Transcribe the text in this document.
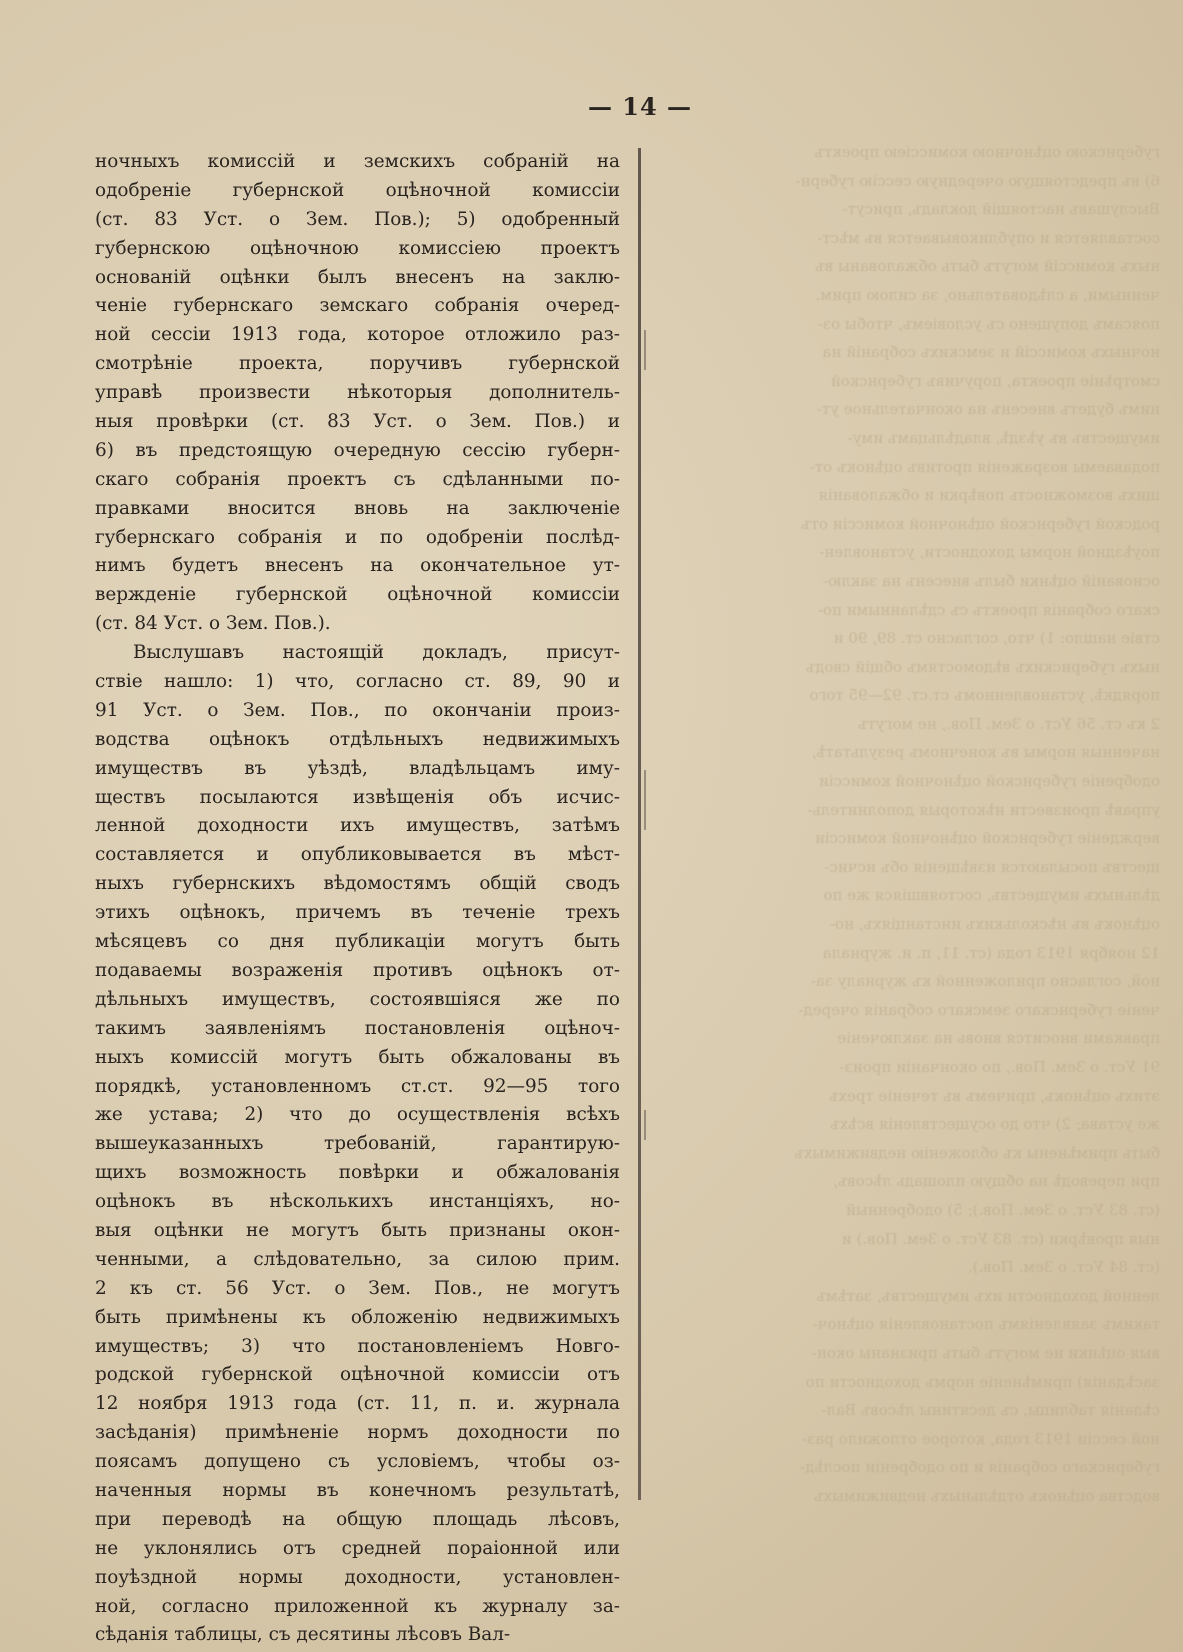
губернскою оцѣночною комиссіею проектъ
6) въ предстоящую очередную сессію губерн-
Выслушавъ настоящій докладъ, присут-
составляется и опубликовывается въ мѣст-
ныхъ комиссій могутъ быть обжалованы въ
ченными, а слѣдовательно, за силою прим.
поясамъ допущено съ условіемъ, чтобы оз-
ночныхъ комиссій и земскихъ собраній на
смотрѣніе проекта, поручивъ губернской
нимъ будетъ внесенъ на окончательное ут-
имуществъ въ уѣздѣ, владѣльцамъ иму-
подаваемы возраженія противъ оцѣнокъ от-
щихъ возможность повѣрки и обжалованія
родской губернской оцѣночной комиссіи отъ
поуѣздной нормы доходности, установлен-
основаній оцѣнки былъ внесенъ на заклю-
скаго собранія проектъ съ сдѣланными по-
ствіе нашло: 1) что, согласно ст. 89, 90 и
ныхъ губернскихъ вѣдомостямъ общій сводъ
порядкѣ, установленномъ ст.ст. 92—95 того
2 къ ст. 56 Уст. о Зем. Пов., не могутъ
наченныя нормы въ конечномъ результатѣ,
одобреніе губернской оцѣночной комиссіи
управѣ произвести нѣкоторыя дополнитель-
вержденіе губернской оцѣночной комиссіи
ществъ посылаются извѣщенія объ исчис-
дѣльныхъ имуществъ, состоявшіяся же по
оцѣнокъ въ нѣсколькихъ инстанціяхъ, но-
12 ноября 1913 года (ст. 11, п. и. журнала
ной, согласно приложенной къ журналу за-
ченіе губернскаго земскаго собранія очеред-
правками вносится вновь на заключеніе
91 Уст. о Зем. Пов., по окончаніи произ-
этихъ оцѣнокъ, причемъ въ теченіе трехъ
же устава; 2) что до осуществленія всѣхъ
быть примѣнены къ обложенію недвижимыхъ
при переводѣ на общую площадь лѣсовъ,
(ст. 83 Уст. о Зем. Пов.); 5) одобренный
ныя провѣрки (ст. 83 Уст. о Зем. Пов.) и
(ст. 84 Уст. о Зем. Пов.).
ленной доходности ихъ имуществъ, затѣмъ
такимъ заявленіямъ постановленія оцѣноч-
выя оцѣнки не могутъ быть признаны окон-
засѣданія) примѣненіе нормъ доходности по
сѣданія таблицы, съ десятины лѣсовъ Вал-
ной сессіи 1913 года, которое отложило раз-
губернскаго собранія и по одобреніи послѣд-
водства оцѣнокъ отдѣльныхъ недвижимыхъ
— 14 —
ночныхъ комиссій и земскихъ собраній на
одобреніе губернской оцѣночной комиссіи
(ст. 83 Уст. о Зем. Пов.); 5) одобренный
губернскою оцѣночною комиссіею проектъ
основаній оцѣнки былъ внесенъ на заклю-
ченіе губернскаго земскаго собранія очеред-
ной сессіи 1913 года, которое отложило раз-
смотрѣніе проекта, поручивъ губернской
управѣ произвести нѣкоторыя дополнитель-
ныя провѣрки (ст. 83 Уст. о Зем. Пов.) и
6) въ предстоящую очередную сессію губерн-
скаго собранія проектъ съ сдѣланными по-
правками вносится вновь на заключеніе
губернскаго собранія и по одобреніи послѣд-
нимъ будетъ внесенъ на окончательное ут-
вержденіе губернской оцѣночной комиссіи
(ст. 84 Уст. о Зем. Пов.).
Выслушавъ настоящій докладъ, присут-
ствіе нашло: 1) что, согласно ст. 89, 90 и
91 Уст. о Зем. Пов., по окончаніи произ-
водства оцѣнокъ отдѣльныхъ недвижимыхъ
имуществъ въ уѣздѣ, владѣльцамъ иму-
ществъ посылаются извѣщенія объ исчис-
ленной доходности ихъ имуществъ, затѣмъ
составляется и опубликовывается въ мѣст-
ныхъ губернскихъ вѣдомостямъ общій сводъ
этихъ оцѣнокъ, причемъ въ теченіе трехъ
мѣсяцевъ со дня публикаціи могутъ быть
подаваемы возраженія противъ оцѣнокъ от-
дѣльныхъ имуществъ, состоявшіяся же по
такимъ заявленіямъ постановленія оцѣноч-
ныхъ комиссій могутъ быть обжалованы въ
порядкѣ, установленномъ ст.ст. 92—95 того
же устава; 2) что до осуществленія всѣхъ
вышеуказанныхъ требованій, гарантирую-
щихъ возможность повѣрки и обжалованія
оцѣнокъ въ нѣсколькихъ инстанціяхъ, но-
выя оцѣнки не могутъ быть признаны окон-
ченными, а слѣдовательно, за силою прим.
2 къ ст. 56 Уст. о Зем. Пов., не могутъ
быть примѣнены къ обложенію недвижимыхъ
имуществъ; 3) что постановленіемъ Новго-
родской губернской оцѣночной комиссіи отъ
12 ноября 1913 года (ст. 11, п. и. журнала
засѣданія) примѣненіе нормъ доходности по
поясамъ допущено съ условіемъ, чтобы оз-
наченныя нормы въ конечномъ результатѣ,
при переводѣ на общую площадь лѣсовъ,
не уклонялись отъ средней пораіонной или
поуѣздной нормы доходности, установлен-
ной, согласно приложенной къ журналу за-
сѣданія таблицы, съ десятины лѣсовъ Вал-
